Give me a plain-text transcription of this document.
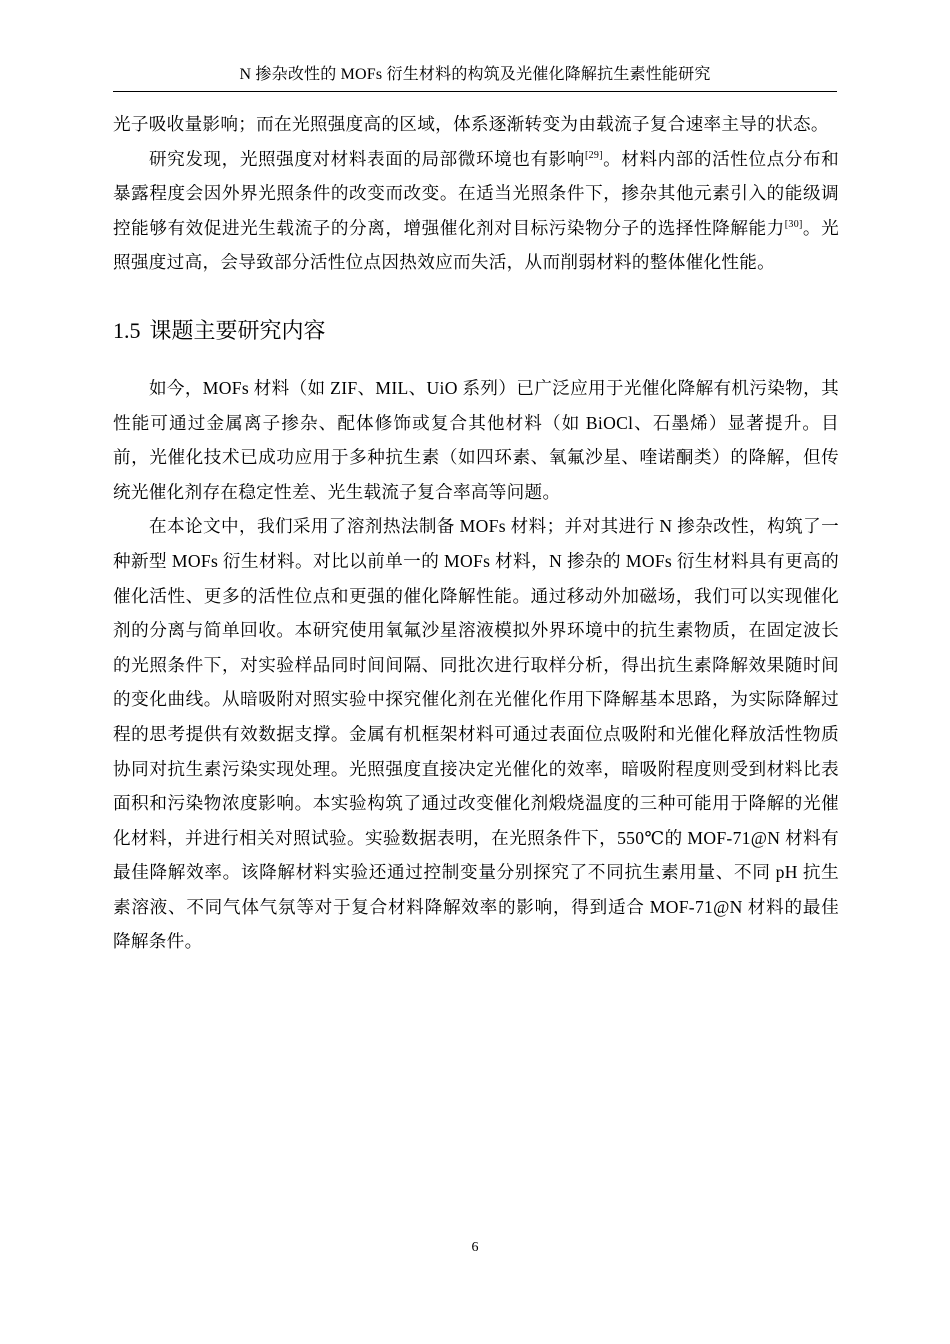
N 掺杂改性的 MOFs 衍生材料的构筑及光催化降解抗生素性能研究

光子吸收量影响；而在光照强度高的区域，体系逐渐转变为由载流子复合速率主导的状态。

研究发现，光照强度对材料表面的局部微环境也有影响[29]。材料内部的活性位点分布和暴露程度会因外界光照条件的改变而改变。在适当光照条件下，掺杂其他元素引入的能级调控能够有效促进光生载流子的分离，增强催化剂对目标污染物分子的选择性降解能力[30]。光照强度过高，会导致部分活性位点因热效应而失活，从而削弱材料的整体催化性能。

1.5 课题主要研究内容

如今，MOFs 材料（如 ZIF、MIL、UiO 系列）已广泛应用于光催化降解有机污染物，其性能可通过金属离子掺杂、配体修饰或复合其他材料（如 BiOCl、石墨烯）显著提升。目前，光催化技术已成功应用于多种抗生素（如四环素、氧氟沙星、喹诺酮类）的降解，但传统光催化剂存在稳定性差、光生载流子复合率高等问题。

在本论文中，我们采用了溶剂热法制备 MOFs 材料；并对其进行 N 掺杂改性，构筑了一种新型 MOFs 衍生材料。对比以前单一的 MOFs 材料，N 掺杂的 MOFs 衍生材料具有更高的催化活性、更多的活性位点和更强的催化降解性能。通过移动外加磁场，我们可以实现催化剂的分离与简单回收。本研究使用氧氟沙星溶液模拟外界环境中的抗生素物质，在固定波长的光照条件下，对实验样品同时间间隔、同批次进行取样分析，得出抗生素降解效果随时间的变化曲线。从暗吸附对照实验中探究催化剂在光催化作用下降解基本思路，为实际降解过程的思考提供有效数据支撑。金属有机框架材料可通过表面位点吸附和光催化释放活性物质协同对抗生素污染实现处理。光照强度直接决定光催化的效率，暗吸附程度则受到材料比表面积和污染物浓度影响。本实验构筑了通过改变催化剂煅烧温度的三种可能用于降解的光催化材料，并进行相关对照试验。实验数据表明，在光照条件下，550℃的 MOF-71@N 材料有最佳降解效率。该降解材料实验还通过控制变量分别探究了不同抗生素用量、不同 pH 抗生素溶液、不同气体气氛等对于复合材料降解效率的影响，得到适合 MOF-71@N 材料的最佳降解条件。

6
